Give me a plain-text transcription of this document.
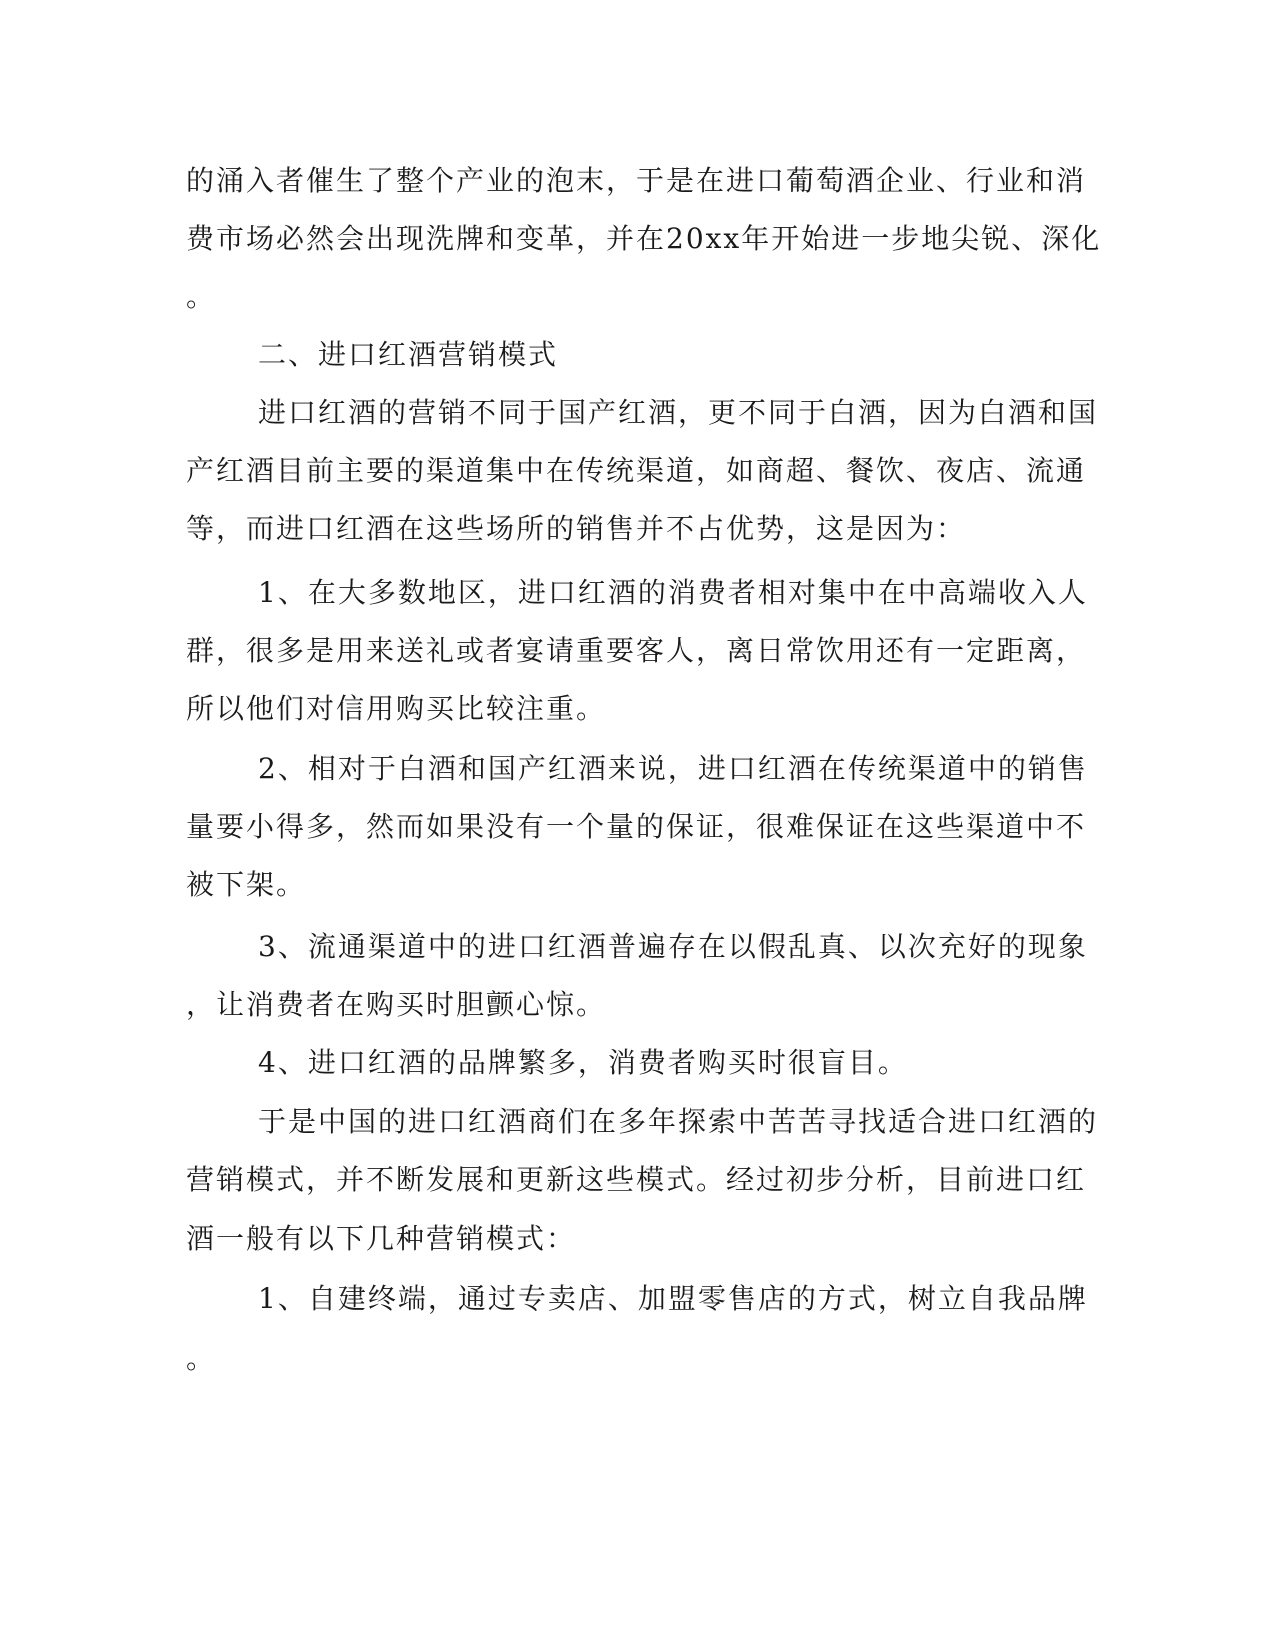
的涌入者催生了整个产业的泡末，于是在进口葡萄酒企业、行业和消
费市场必然会出现洗牌和变革，并在20xx年开始进一步地尖锐、深化
。
二、进口红酒营销模式
进口红酒的营销不同于国产红酒，更不同于白酒，因为白酒和国
产红酒目前主要的渠道集中在传统渠道，如商超、餐饮、夜店、流通
等，而进口红酒在这些场所的销售并不占优势，这是因为：
1、在大多数地区，进口红酒的消费者相对集中在中高端收入人
群，很多是用来送礼或者宴请重要客人，离日常饮用还有一定距离，
所以他们对信用购买比较注重。
2、相对于白酒和国产红酒来说，进口红酒在传统渠道中的销售
量要小得多，然而如果没有一个量的保证，很难保证在这些渠道中不
被下架。
3、流通渠道中的进口红酒普遍存在以假乱真、以次充好的现象
，让消费者在购买时胆颤心惊。
4、进口红酒的品牌繁多，消费者购买时很盲目。
于是中国的进口红酒商们在多年探索中苦苦寻找适合进口红酒的
营销模式，并不断发展和更新这些模式。经过初步分析，目前进口红
酒一般有以下几种营销模式：
1、自建终端，通过专卖店、加盟零售店的方式，树立自我品牌
。
